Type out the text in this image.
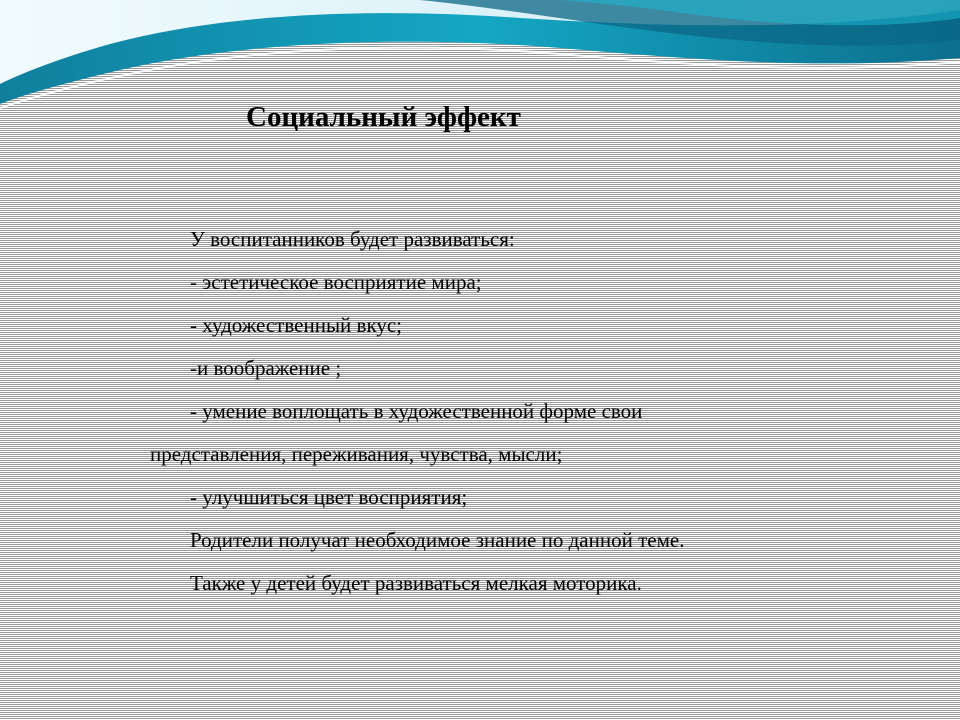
Социальный эффект

У воспитанников будет развиваться:

- эстетическое восприятие мира;

- художественный вкус;

-и воображение ;

- умение воплощать в художественной форме свои представления, переживания, чувства, мысли;

- улучшиться цвет восприятия;

Родители получат необходимое знание по данной теме.

Также у детей будет развиваться мелкая моторика.
